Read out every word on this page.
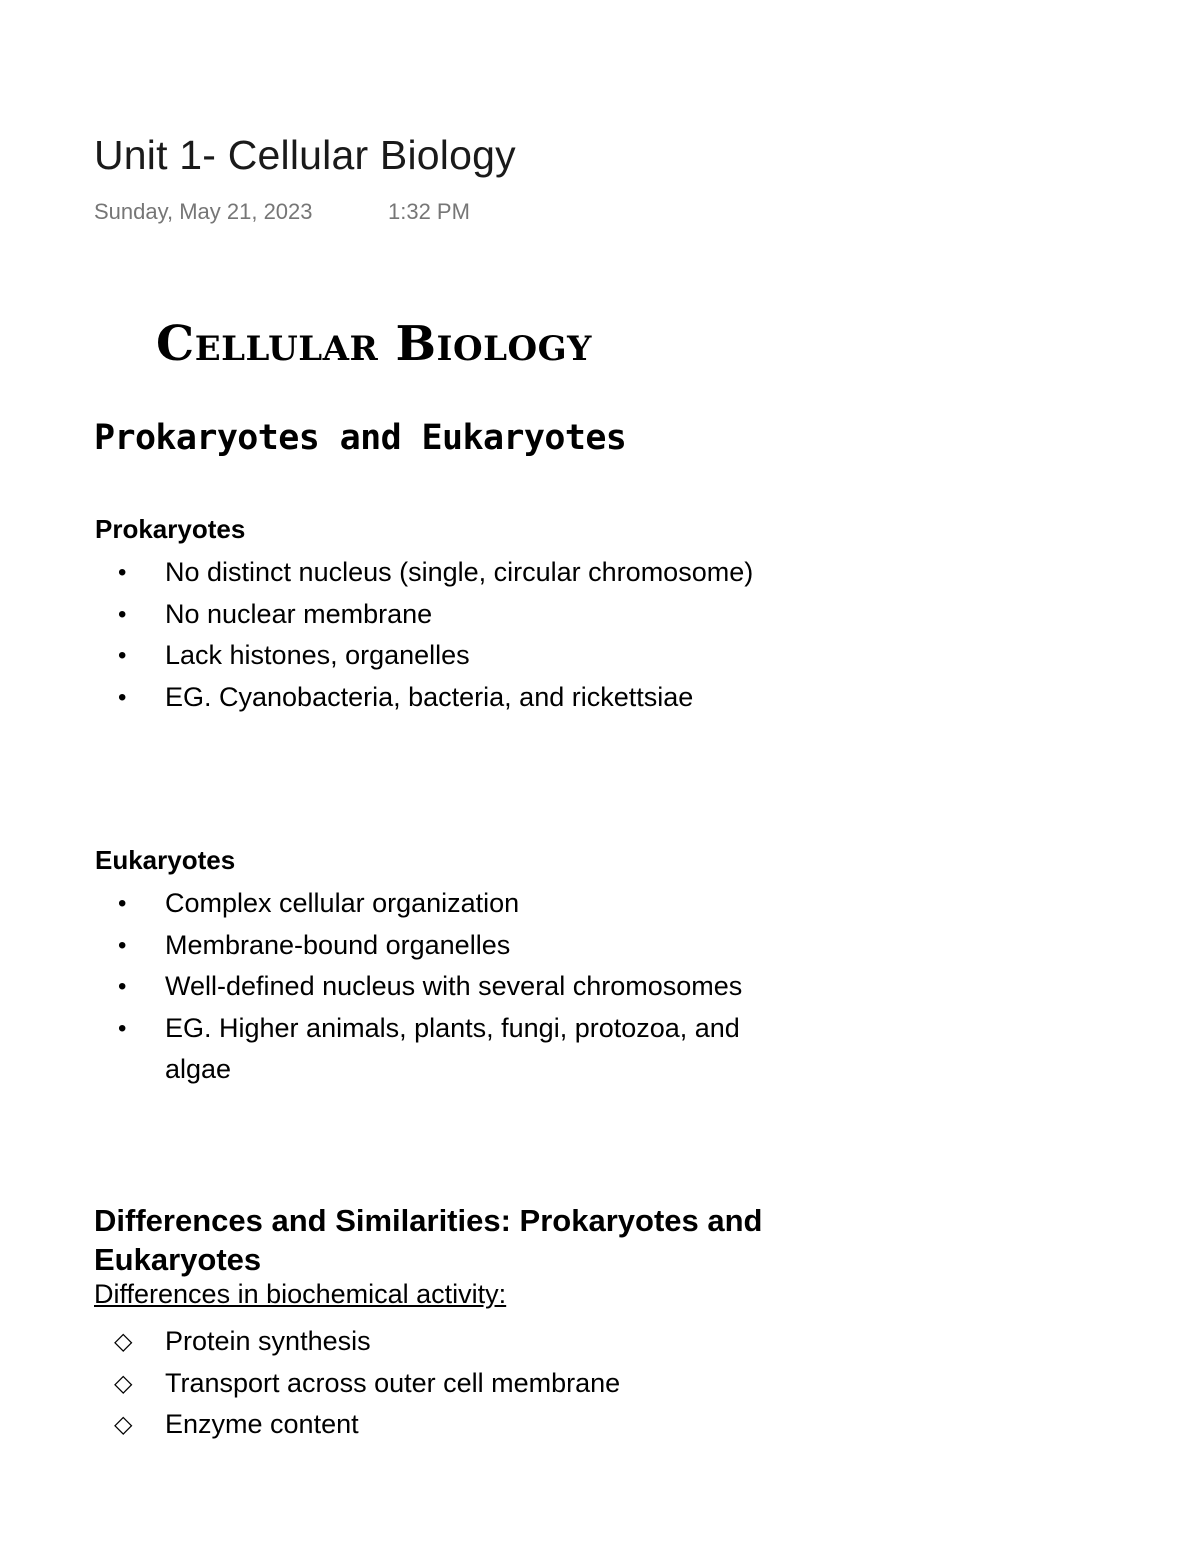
Unit 1- Cellular Biology
Sunday, May 21, 2023	1:32 PM
Cellular Biology
Prokaryotes and Eukaryotes
Prokaryotes
• No distinct nucleus (single, circular chromosome)
• No nuclear membrane
• Lack histones, organelles
• EG. Cyanobacteria, bacteria, and rickettsiae
Eukaryotes
• Complex cellular organization
• Membrane-bound organelles
• Well-defined nucleus with several chromosomes
• EG. Higher animals, plants, fungi, protozoa, and algae
Differences and Similarities: Prokaryotes and Eukaryotes
Differences in biochemical activity:
◇ Protein synthesis
◇ Transport across outer cell membrane
◇ Enzyme content
